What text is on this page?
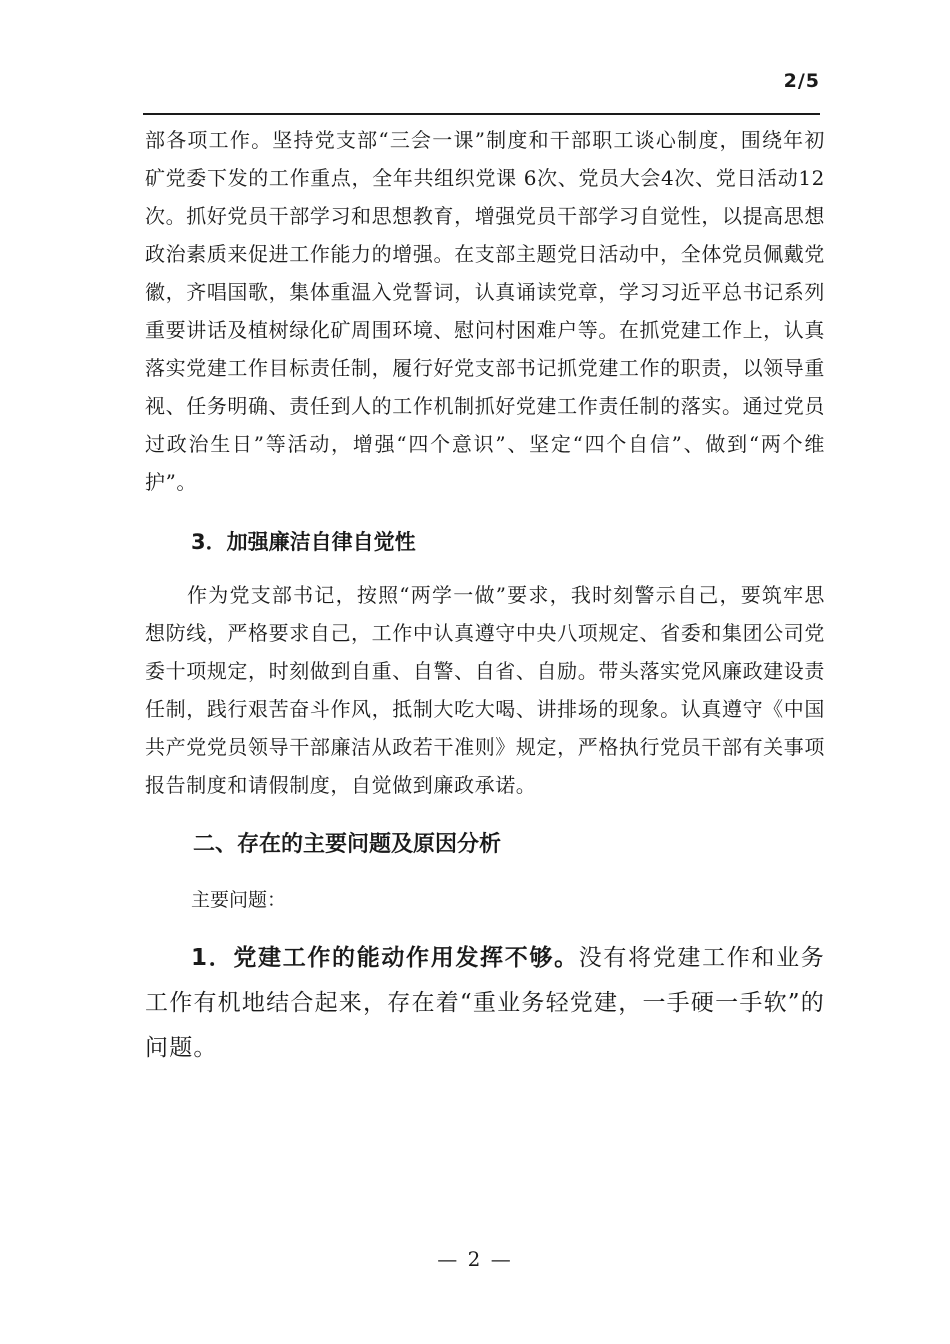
2/5

部各项工作。坚持党支部“三会一课”制度和干部职工谈心制度，围绕年初矿党委下发的工作重点，全年共组织党课 6次、党员大会4次、党日活动12次。抓好党员干部学习和思想教育，增强党员干部学习自觉性，以提高思想政治素质来促进工作能力的增强。在支部主题党日活动中，全体党员佩戴党徽，齐唱国歌，集体重温入党誓词，认真诵读党章，学习习近平总书记系列重要讲话及植树绿化矿周围环境、慰问村困难户等。在抓党建工作上，认真落实党建工作目标责任制，履行好党支部书记抓党建工作的职责，以领导重视、任务明确、责任到人的工作机制抓好党建工作责任制的落实。通过党员过政治生日”等活动，增强“四个意识”、坚定“四个自信”、做到“两个维护”。

3．加强廉洁自律自觉性

作为党支部书记，按照“两学一做”要求，我时刻警示自己，要筑牢思想防线，严格要求自己，工作中认真遵守中央八项规定、省委和集团公司党委十项规定，时刻做到自重、自警、自省、自励。带头落实党风廉政建设责任制，践行艰苦奋斗作风，抵制大吃大喝、讲排场的现象。认真遵守《中国共产党党员领导干部廉洁从政若干准则》规定，严格执行党员干部有关事项报告制度和请假制度，自觉做到廉政承诺。

二、存在的主要问题及原因分析

主要问题：

1．党建工作的能动作用发挥不够。没有将党建工作和业务工作有机地结合起来，存在着“重业务轻党建，一手硬一手软”的问题。

— 2 —
